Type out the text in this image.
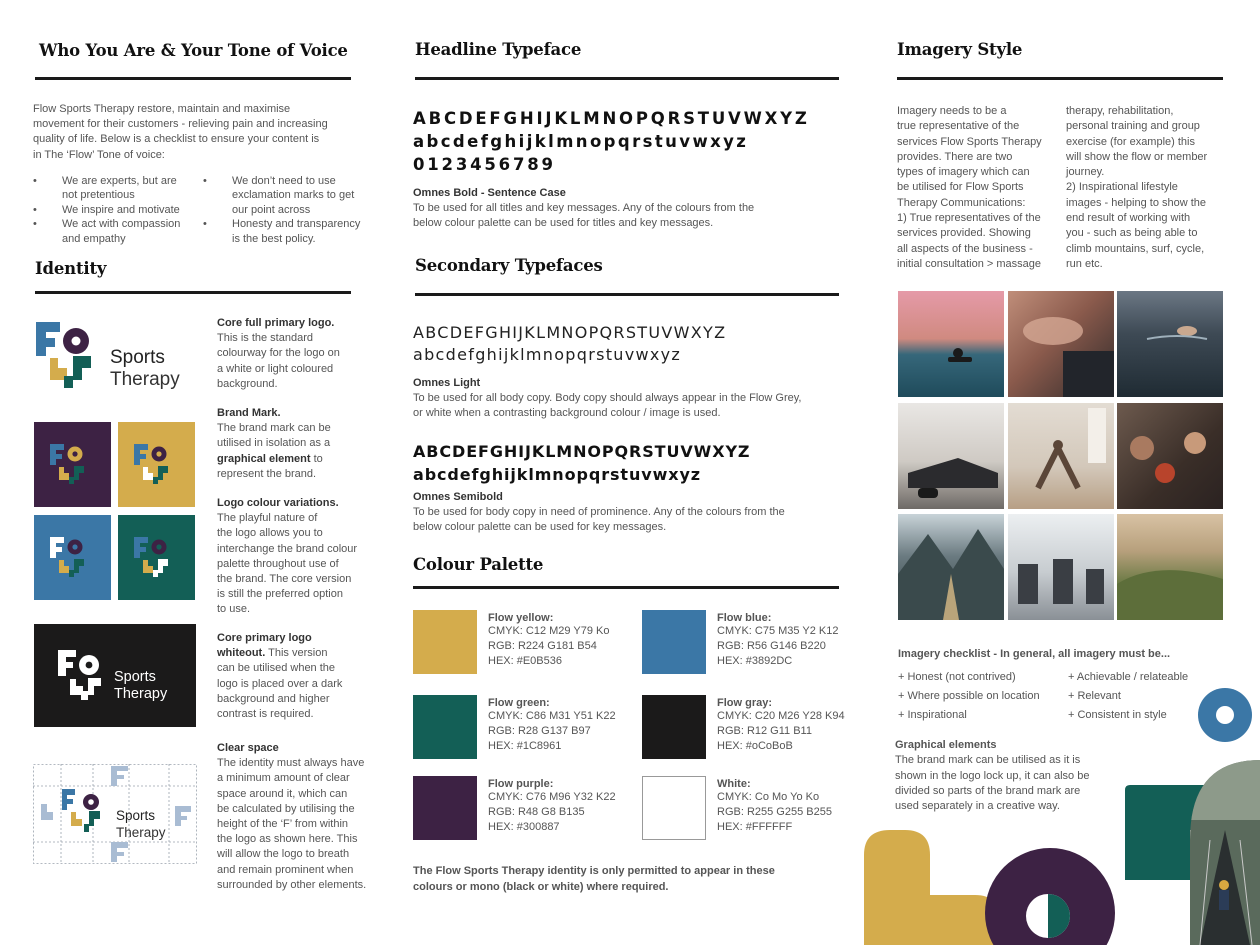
Who You Are & Your Tone of Voice
Flow Sports Therapy restore, maintain and maximise
movement for their customers - relieving pain and increasing
quality of life. Below is a checklist to ensure your content is
in The ‘Flow’ Tone of voice:
• We are experts, but are
not pretentious
• We inspire and motivate
• We act with compassion
and empathy
• We don’t need to use
exclamation marks to get
our point across
• Honesty and transparency
is the best policy.
Identity
Sports
Therapy
Core full primary logo.
This is the standard
colourway for the logo on
a white or light coloured
background.
Brand Mark.
The brand mark can be
utilised in isolation as a
graphical element to
represent the brand.
Logo colour variations.
The playful nature of
the logo allows you to
interchange the brand colour
palette throughout use of
the brand. The core version
is still the preferred option
to use.
Sports
Therapy
Core primary logo
whiteout. This version
can be utilised when the
logo is placed over a dark
background and higher
contrast is required.
Sports
Therapy
Clear space
The identity must always have
a minimum amount of clear
space around it, which can
be calculated by utilising the
height of the ‘F’ from within
the logo as shown here. This
will allow the logo to breath
and remain prominent when
surrounded by other elements.
Headline Typeface
ABCDEFGHIJKLMNOPQRSTUVWXYZ
abcdefghijklmnopqrstuvwxyz
0123456789
Omnes Bold - Sentence Case
To be used for all titles and key messages. Any of the colours from the
below colour palette can be used for titles and key messages.
Secondary Typefaces
ABCDEFGHIJKLMNOPQRSTUVWXYZ
abcdefghijklmnopqrstuvwxyz
Omnes Light
To be used for all body copy. Body copy should always appear in the Flow Grey,
or white when a contrasting background colour / image is used.
ABCDEFGHIJKLMNOPQRSTUVWXYZ
abcdefghijklmnopqrstuvwxyz
Omnes Semibold
To be used for body copy in need of prominence. Any of the colours from the
below colour palette can be used for key messages.
Colour Palette
Flow yellow:
CMYK: C12 M29 Y79 Ko
RGB: R224 G181 B54
HEX: #E0B536
Flow blue:
CMYK: C75 M35 Y2 K12
RGB: R56 G146 B220
HEX: #3892DC
Flow green:
CMYK: C86 M31 Y51 K22
RGB: R28 G137 B97
HEX: #1C8961
Flow gray:
CMYK: C20 M26 Y28 K94
RGB: R12 G11 B11
HEX: #oCoBoB
Flow purple:
CMYK: C76 M96 Y32 K22
RGB: R48 G8 B135
HEX: #300887
White:
CMYK: Co Mo Yo Ko
RGB: R255 G255 B255
HEX: #FFFFFF
The Flow Sports Therapy identity is only permitted to appear in these
colours or mono (black or white) where required.
Imagery Style
Imagery needs to be a
true representative of the
services Flow Sports Therapy
provides. There are two
types of imagery which can
be utilised for Flow Sports
Therapy Communications:
1) True representatives of the
services provided. Showing
all aspects of the business -
initial consultation > massage
therapy, rehabilitation,
personal training and group
exercise (for example) this
will show the flow or member
journey.
2) Inspirational lifestyle
images - helping to show the
end result of working with
you - such as being able to
climb mountains, surf, cycle,
run etc.
Imagery checklist - In general, all imagery must be...
+ Honest (not contrived)
+ Where possible on location
+ Inspirational
+ Achievable / relateable
+ Relevant
+ Consistent in style
Graphical elements
The brand mark can be utilised as it is
shown in the logo lock up, it can also be
divided so parts of the brand mark are
used separately in a creative way.
